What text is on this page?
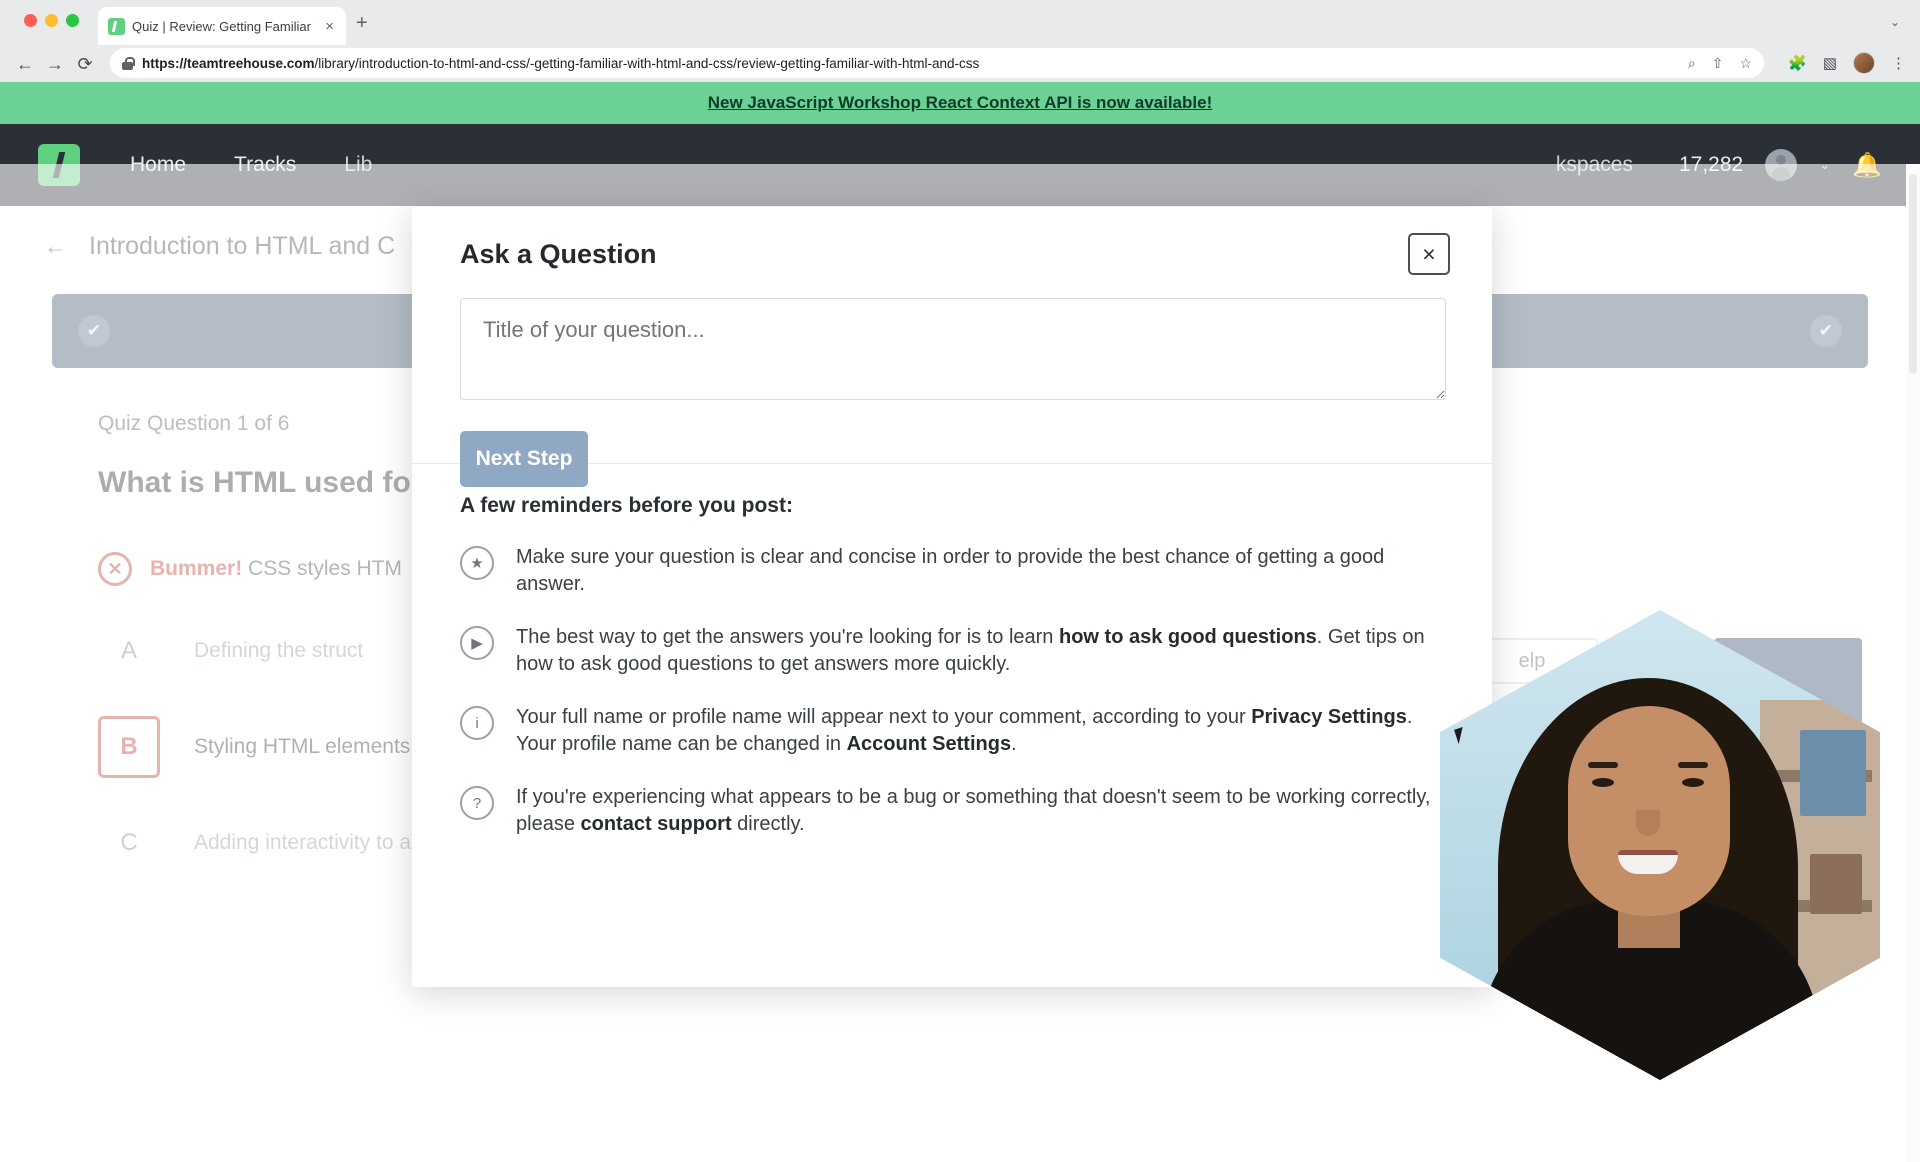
Quiz | Review: Getting Familiar × +	⌄
← → ⟳	https://teamtreehouse.com/library/introduction-to-html-and-css/-getting-familiar-with-html-and-css/review-getting-familiar-with-html-and-css	⌕ ⇧ ☆ 🧩 ▧	⋮
New JavaScript Workshop React Context API is now available!
Ask a Question	×
Title of your question... Next Step
A few reminders before you post:
★	Make sure your question is clear and concise in order to provide the best chance of getting a good answer.
▶	The best way to get the answers you're looking for is to learn how to ask good questions. Get tips on how to ask good questions to get answers more quickly.
i	Your full name or profile name will appear next to your comment, according to your Privacy Settings. Your profile name can be changed in Account Settings.
?	If you're experiencing what appears to be a bug or something that doesn't seem to be working correctly, please contact support directly.
